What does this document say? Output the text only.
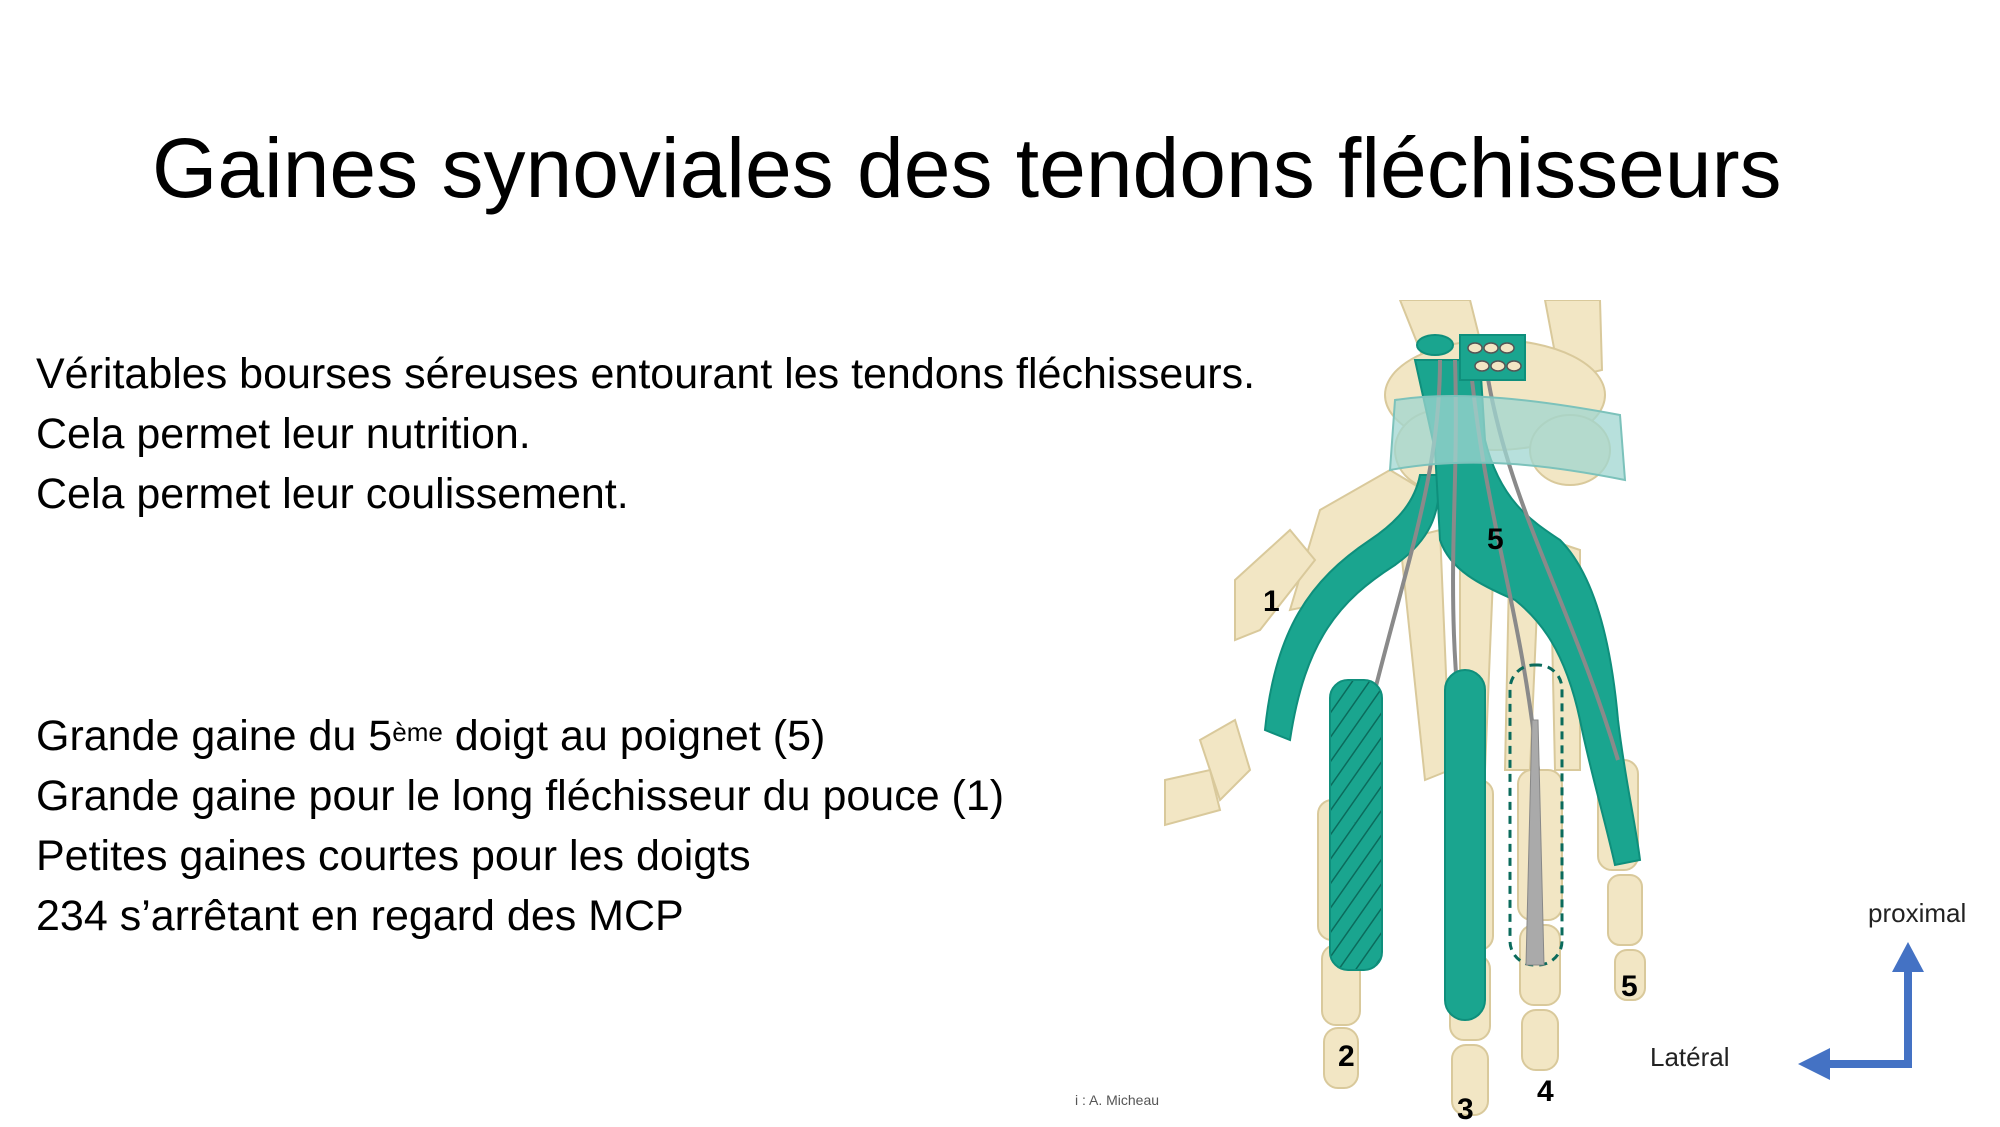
Gaines synoviales des tendons fléchisseurs
Véritables bourses séreuses entourant les tendons fléchisseurs.
Cela permet leur nutrition.
Cela permet leur coulissement.
Grande gaine du 5ème doigt au poignet (5)
Grande gaine pour le long fléchisseur du pouce (1)
Petites gaines courtes pour les doigts
234 s’arrêtant en regard des MCP
1
5
5
2
3
4
i : A. Micheau
proximal
Latéral
